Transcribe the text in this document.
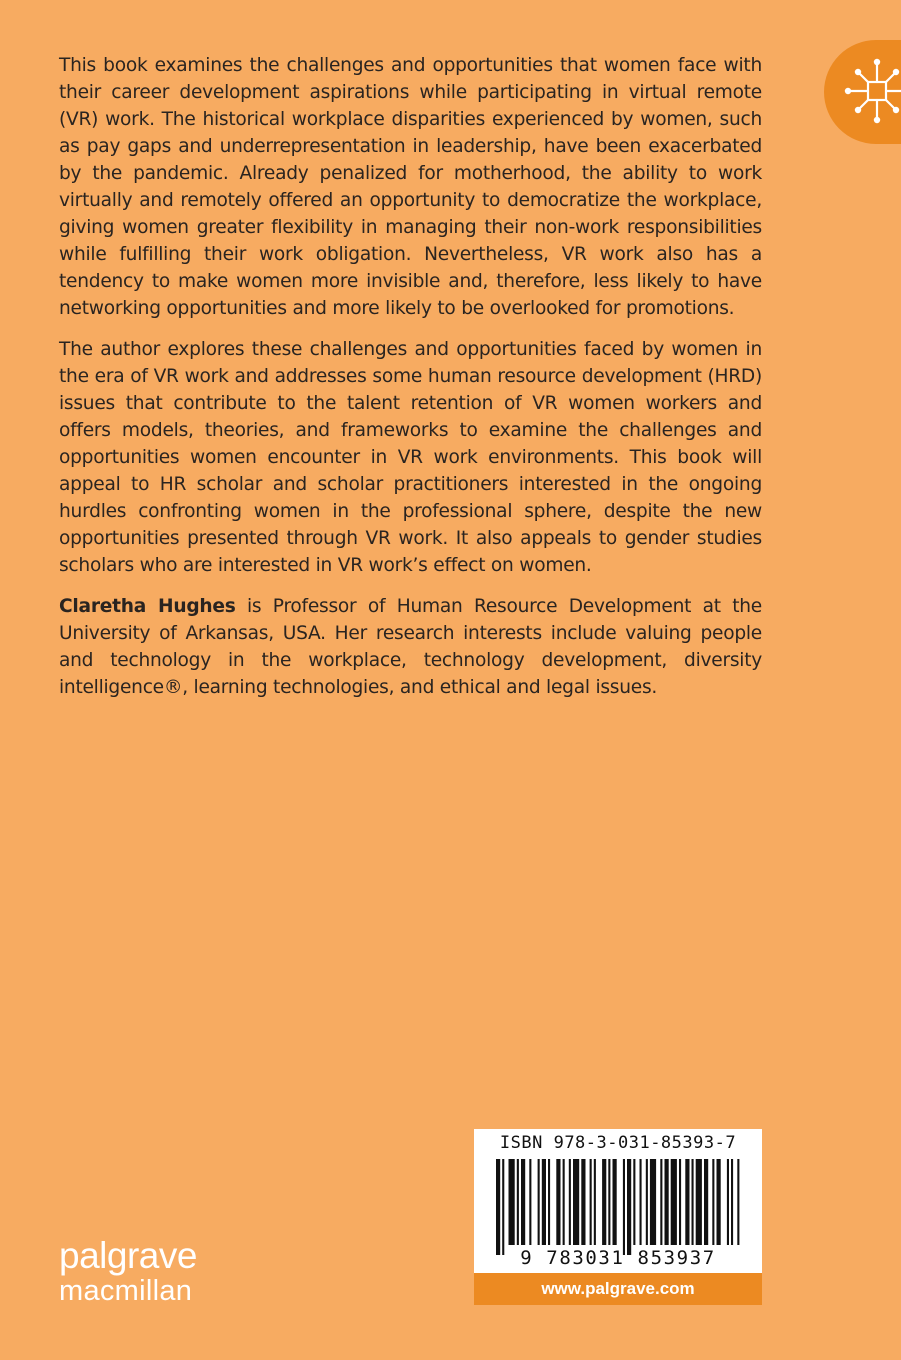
This book examines the challenges and opportunities that women face with their career development aspirations while participating in virtual remote (VR) work. The historical workplace disparities experienced by women, such as pay gaps and underrepresentation in leadership, have been exacerbated by the pandemic. Already penalized for motherhood, the ability to work virtually and remotely offered an opportunity to democratize the workplace, giving women greater flexibility in managing their non-work responsibilities while fulfilling their work obligation. Nevertheless, VR work also has a tendency to make women more invisible and, therefore, less likely to have networking opportunities and more likely to be overlooked for promotions.

The author explores these challenges and opportunities faced by women in the era of VR work and addresses some human resource development (HRD) issues that contribute to the talent retention of VR women workers and offers models, theories, and frameworks to examine the challenges and opportunities women encounter in VR work environments. This book will appeal to HR scholar and scholar practitioners interested in the ongoing hurdles confronting women in the professional sphere, despite the new opportunities presented through VR work. It also appeals to gender studies scholars who are interested in VR work’s effect on women.

Claretha Hughes is Professor of Human Resource Development at the University of Arkansas, USA. Her research interests include valuing people and technology in the workplace, technology development, diversity intelligence®, learning technologies, and ethical and legal issues.

ISBN 978-3-031-85393-7
9 783031 853937
www.palgrave.com
palgrave
macmillan
